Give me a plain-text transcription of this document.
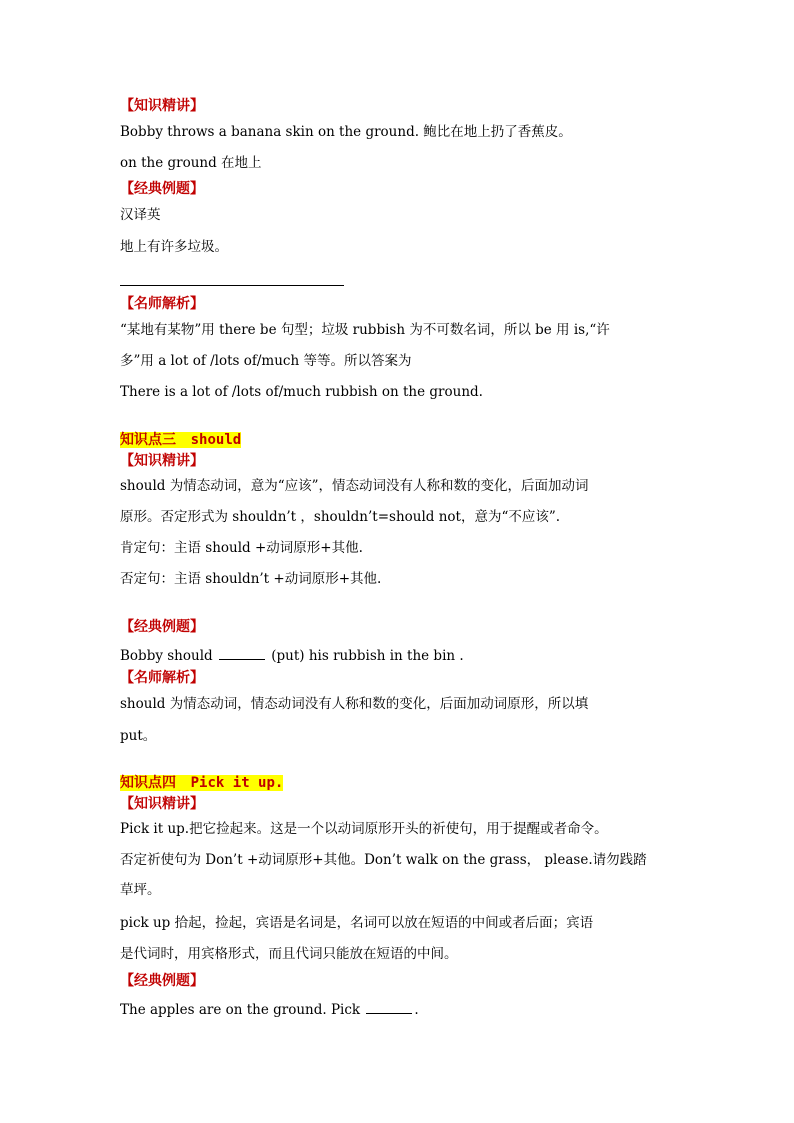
【知识精讲】
Bobby throws a banana skin on the ground. 鲍比在地上扔了香蕉皮。
on the ground 在地上
【经典例题】
汉译英
地上有许多垃圾。
【名师解析】
“某地有某物”用 there be 句型；垃圾 rubbish 为不可数名词，所以 be 用 is,“许
多”用 a lot of /lots of/much 等等。所以答案为
There is a lot of /lots of/much rubbish on the ground.
知识点三 should
【知识精讲】
should 为情态动词，意为“应该”，情态动词没有人称和数的变化，后面加动词
原形。否定形式为 shouldn’t ，shouldn’t=should not，意为“不应该”.
肯定句：主语 should +动词原形+其他.
否定句：主语 shouldn’t +动词原形+其他.
【经典例题】
Bobby should	(put) his rubbish in the bin .
【名师解析】
should 为情态动词，情态动词没有人称和数的变化，后面加动词原形，所以填
put。
知识点四 Pick it up.
【知识精讲】
Pick it up.把它捡起来。这是一个以动词原形开头的祈使句，用于提醒或者命令。
否定祈使句为 Don’t +动词原形+其他。Don’t walk on the grass， please.请勿践踏
草坪。
pick up 拾起，捡起，宾语是名词是，名词可以放在短语的中间或者后面；宾语
是代词时，用宾格形式，而且代词只能放在短语的中间。
【经典例题】
The apples are on the ground. Pick	.
